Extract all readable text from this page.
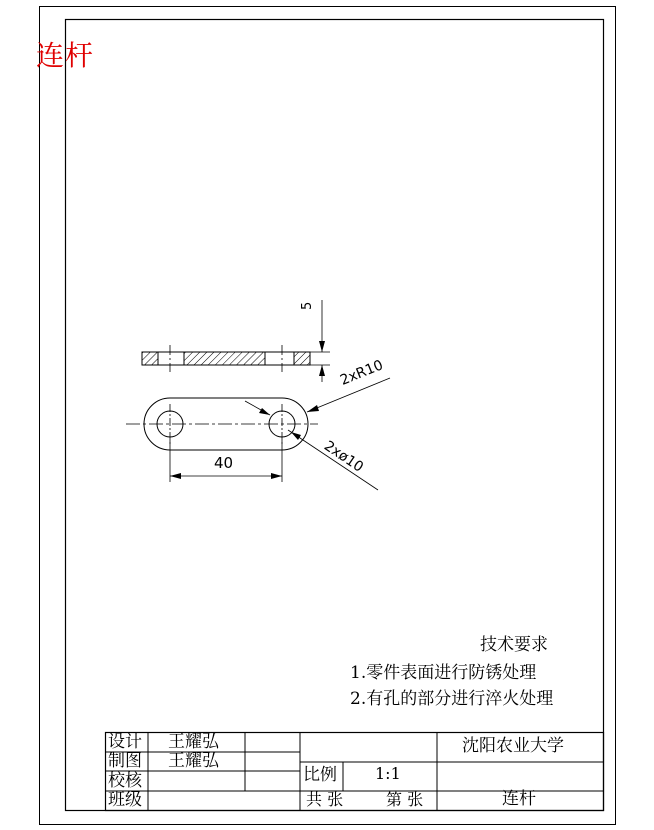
连杆
5
2xR10
2xø10
40
技术要求
1.零件表面进行防锈处理
2.有孔的部分进行淬火处理
设计 王耀弘
制图 王耀弘
校核
班级
沈阳农业大学
比例 1:1
共 张	第 张	连杆
